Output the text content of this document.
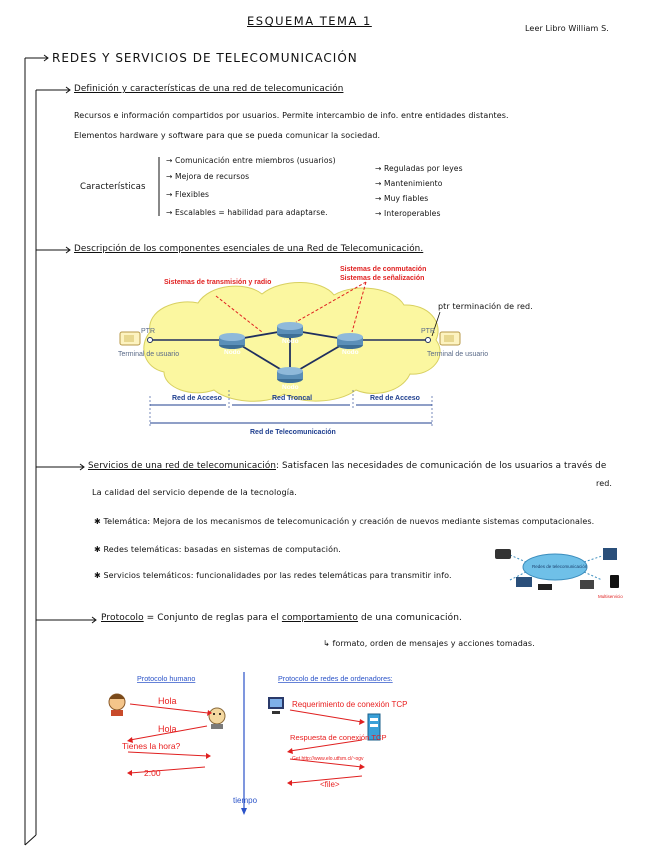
ESQUEMA TEMA 1
Leer Libro William S.
REDES Y SERVICIOS DE TELECOMUNICACIÓN
Definición y características de una red de telecomunicación
Recursos e información compartidos por usuarios. Permite intercambio de info. entre entidades distantes.
Elementos hardware y software para que se pueda comunicar la sociedad.
Características
→ Comunicación entre miembros (usuarios)
→ Mejora de recursos
→ Flexibles
→ Escalables = habilidad para adaptarse.
→ Reguladas por leyes
→ Mantenimiento
→ Muy fiables
→ Interoperables
Descripción de los componentes esenciales de una Red de Telecomunicación.
ptr terminación de red.
Nodo
Nodo
Nodo
Nodo
PTR	PTR
Terminal de usuario	Terminal de usuario
Sistemas de transmisión y radio
Sistemas de conmutación
Sistemas de señalización
Red de Acceso	Red Troncal	Red de Acceso
Red de Telecomunicación
Servicios de una red de telecomunicación: Satisfacen las necesidades de comunicación de los usuarios a través de
red.
La calidad del servicio depende de la tecnología.
✱ Telemática: Mejora de los mecanismos de telecomunicación y creación de nuevos mediante sistemas computacionales.
✱ Redes telemáticas: basadas en sistemas de computación.
✱ Servicios telemáticos: funcionalidades por las redes telemáticas para transmitir info.
Redes de telecomunicación
Multiservicio
Protocolo = Conjunto de reglas para el comportamiento de una comunicación.
↳ formato, orden de mensajes y acciones tomadas.
Protocolo humano	Protocolo de redes de ordenadores:
tiempo
Hola
Hola
Tienes la hora?
2:00
Requerimiento de conexión TCP
Respuesta de conexión TCP
Get http://www.elo.utfsm.cl/~ogv
<file>
